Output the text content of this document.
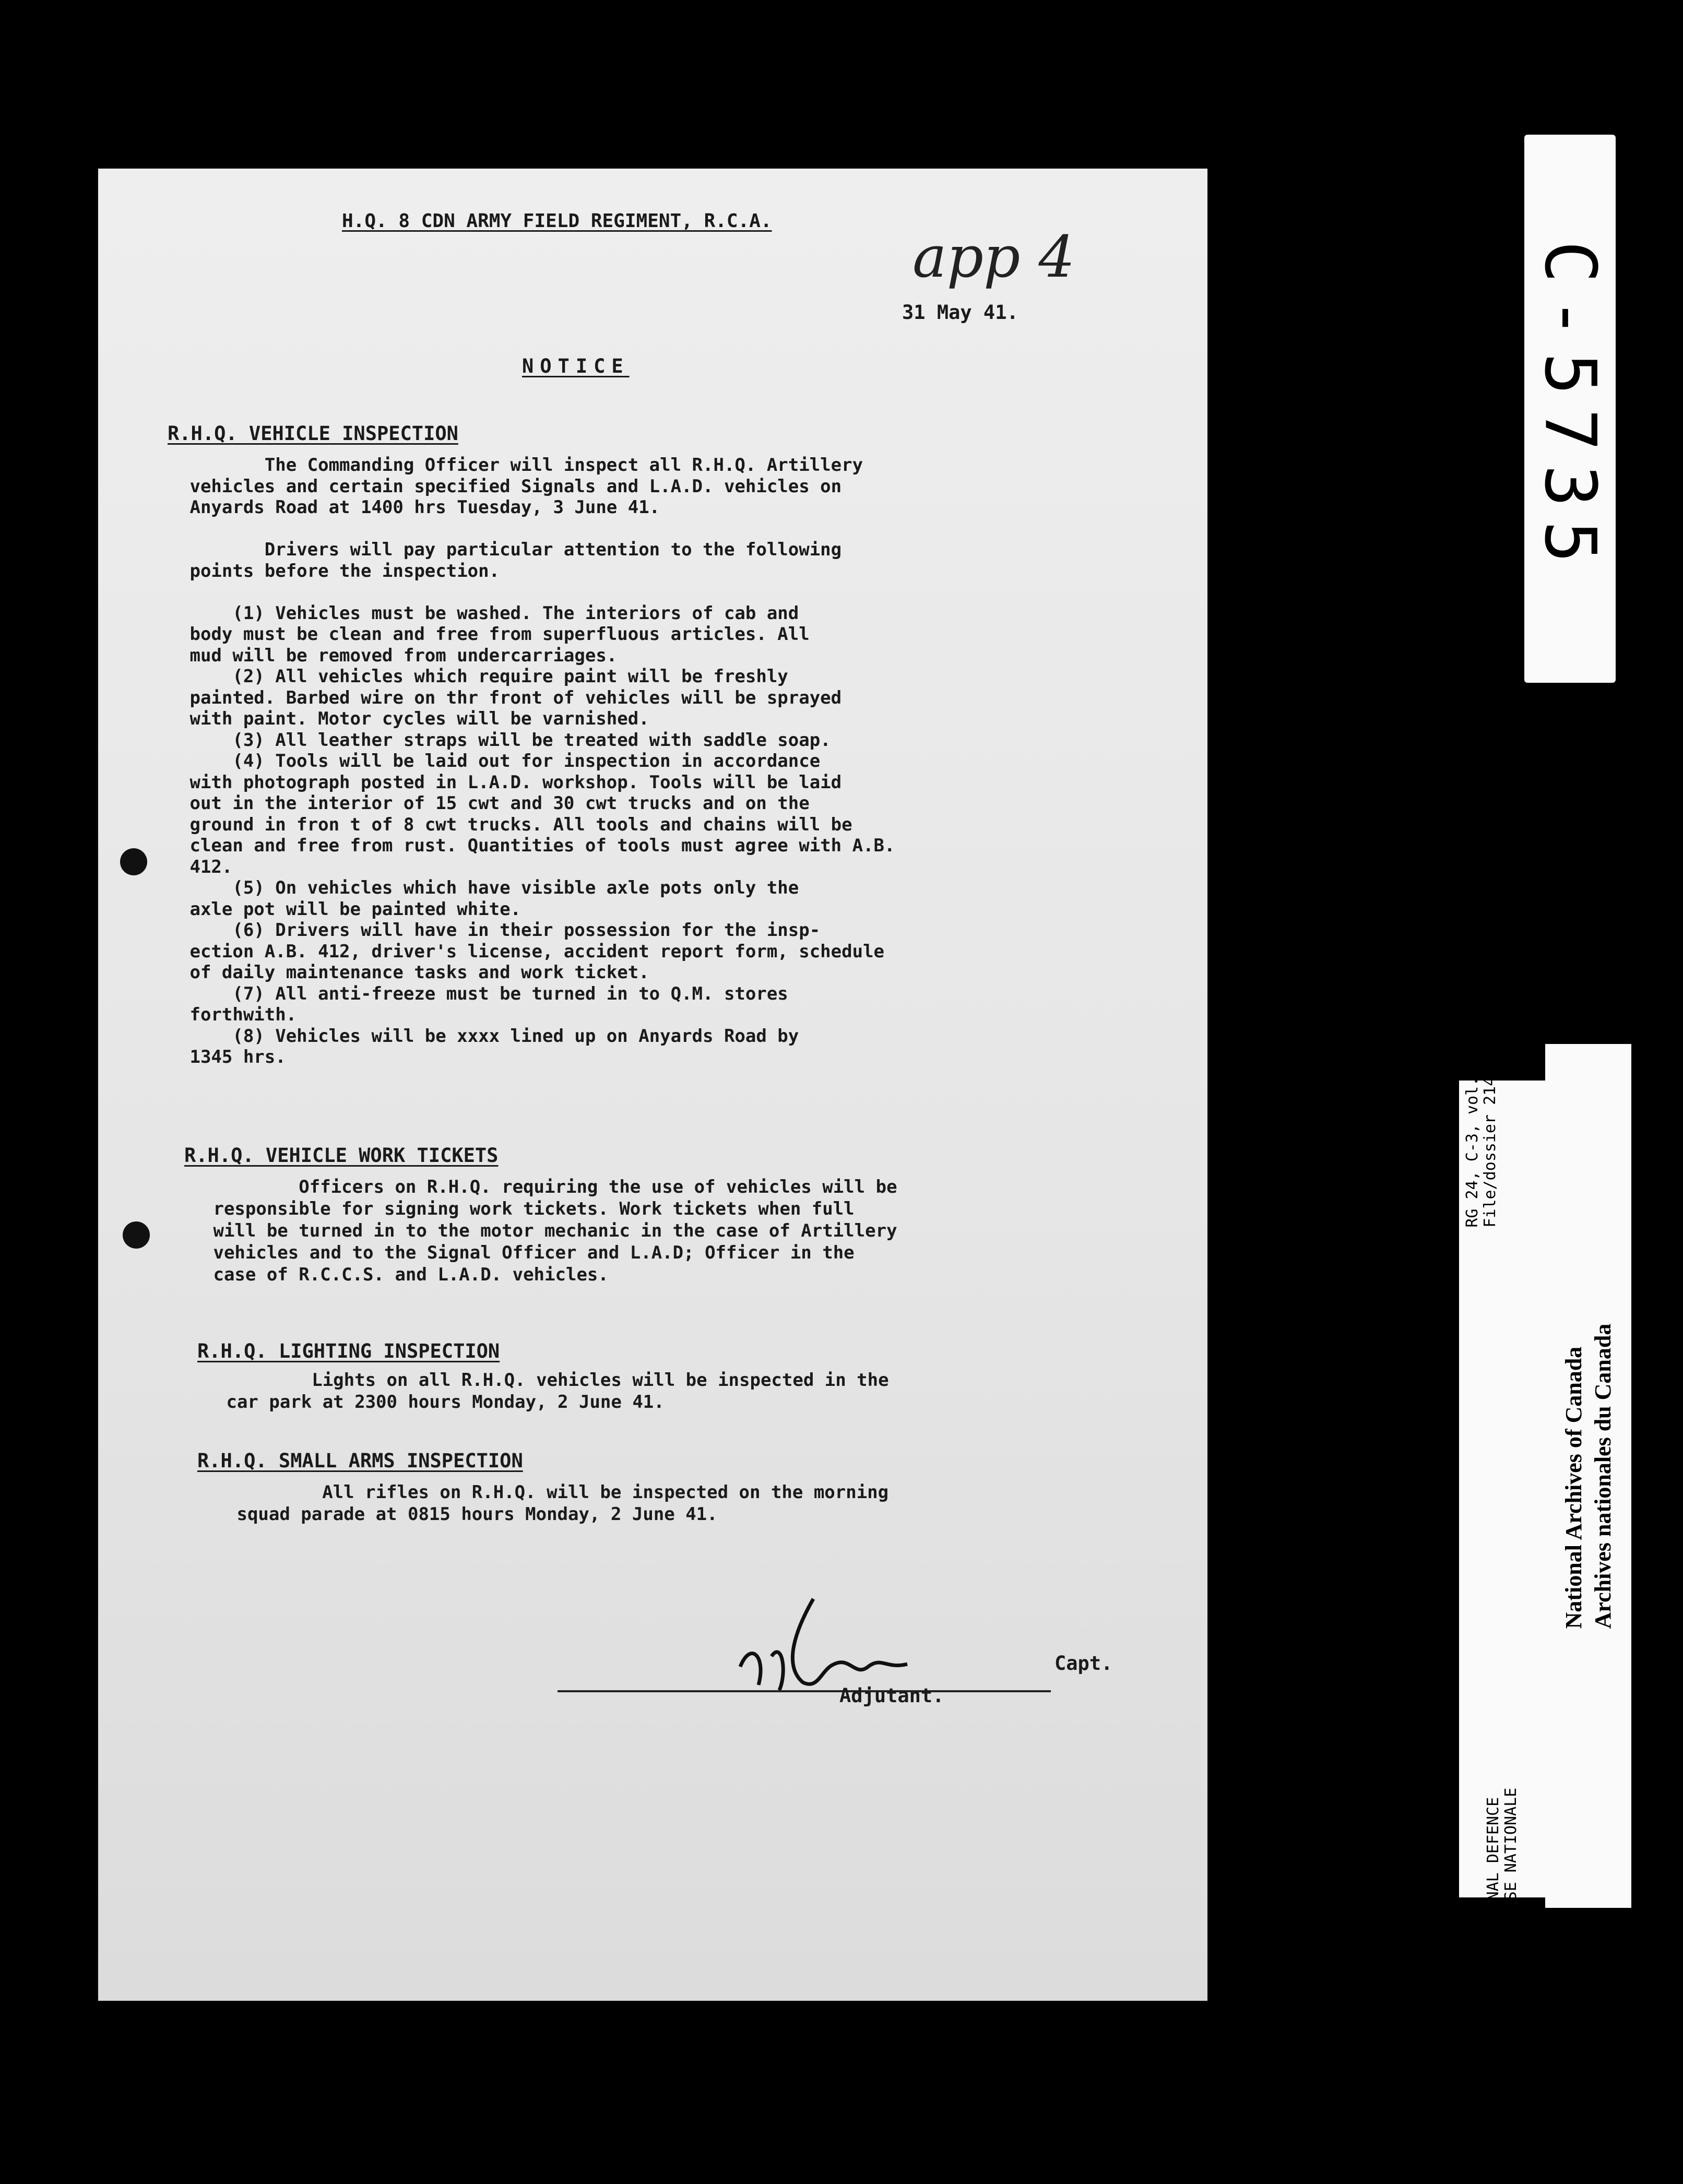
H.Q. 8 CDN ARMY FIELD REGIMENT, R.C.A.
app 4
31 May 41.
NOTICE
R.H.Q. VEHICLE INSPECTION
The Commanding Officer will inspect all R.H.Q. Artillery
vehicles and certain specified Signals and L.A.D. vehicles on
Anyards Road at 1400 hrs Tuesday, 3 June 41.

Drivers will pay particular attention to the following
points before the inspection.

(1) Vehicles must be washed. The interiors of cab and
body must be clean and free from superfluous articles. All
mud will be removed from undercarriages.
(2) All vehicles which require paint will be freshly
painted. Barbed wire on thr front of vehicles will be sprayed
with paint. Motor cycles will be varnished.
(3) All leather straps will be treated with saddle soap.
(4) Tools will be laid out for inspection in accordance
with photograph posted in L.A.D. workshop. Tools will be laid
out in the interior of 15 cwt and 30 cwt trucks and on the
ground in fron t of 8 cwt trucks. All tools and chains will be
clean and free from rust. Quantities of tools must agree with A.B.
412.
(5) On vehicles which have visible axle pots only the
axle pot will be painted white.
(6) Drivers will have in their possession for the insp-
ection A.B. 412, driver's license, accident report form, schedule
of daily maintenance tasks and work ticket.
(7) All anti-freeze must be turned in to Q.M. stores
forthwith.
(8) Vehicles will be xxxx lined up on Anyards Road by
1345 hrs.
R.H.Q. VEHICLE WORK TICKETS
Officers on R.H.Q. requiring the use of vehicles will be
responsible for signing work tickets. Work tickets when full
will be turned in to the motor mechanic in the case of Artillery
vehicles and to the Signal Officer and L.A.D; Officer in the
case of R.C.C.S. and L.A.D. vehicles.
R.H.Q. LIGHTING INSPECTION
Lights on all R.H.Q. vehicles will be inspected in the
car park at 2300 hours Monday, 2 June 41.
R.H.Q. SMALL ARMS INSPECTION
All rifles on R.H.Q. will be inspected on the morning
squad parade at 0815 hours Monday, 2 June 41.
Capt.
Adjutant.
C-5735
RG 24, C-3, vol. 14449 File/dossier 214
NATIONAL DEFENCE DEFENSE NATIONALE
National Archives of Canada Archives nationales du Canada
